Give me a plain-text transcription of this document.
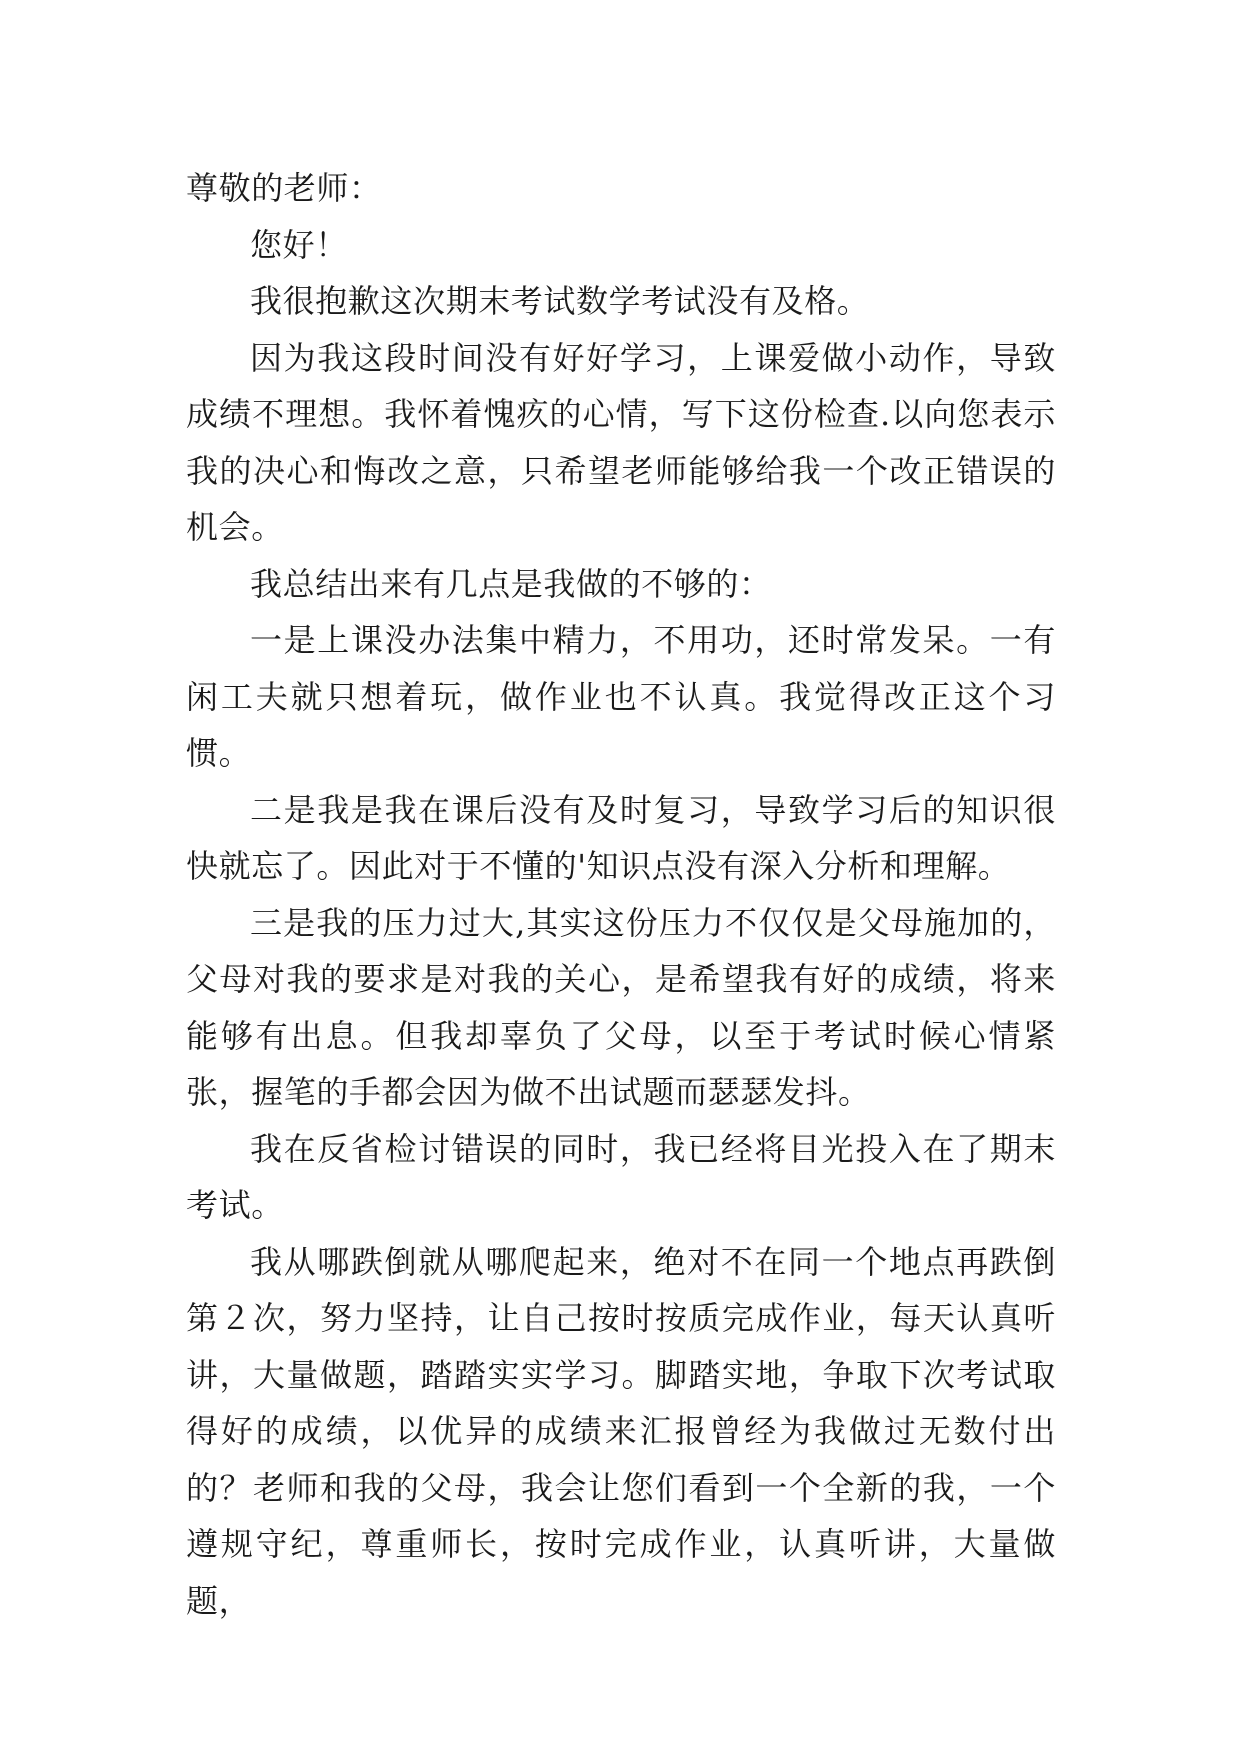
尊敬的老师：

您好！

我很抱歉这次期末考试数学考试没有及格。

因为我这段时间没有好好学习，上课爱做小动作，导致成绩不理想。我怀着愧疚的心情，写下这份检查.以向您表示我的决心和悔改之意，只希望老师能够给我一个改正错误的机会。

我总结出来有几点是我做的不够的：

一是上课没办法集中精力，不用功，还时常发呆。一有闲工夫就只想着玩，做作业也不认真。我觉得改正这个习惯。

二是我是我在课后没有及时复习，导致学习后的知识很快就忘了。因此对于不懂的'知识点没有深入分析和理解。

三是我的压力过大,其实这份压力不仅仅是父母施加的，父母对我的要求是对我的关心，是希望我有好的成绩，将来能够有出息。但我却辜负了父母，以至于考试时候心情紧张，握笔的手都会因为做不出试题而瑟瑟发抖。

我在反省检讨错误的同时，我已经将目光投入在了期末考试。

我从哪跌倒就从哪爬起来，绝对不在同一个地点再跌倒第２次，努力坚持，让自己按时按质完成作业，每天认真听讲，大量做题，踏踏实实学习。脚踏实地，争取下次考试取得好的成绩，以优异的成绩来汇报曾经为我做过无数付出的？老师和我的父母，我会让您们看到一个全新的我，一个遵规守纪，尊重师长，按时完成作业，认真听讲，大量做题，
